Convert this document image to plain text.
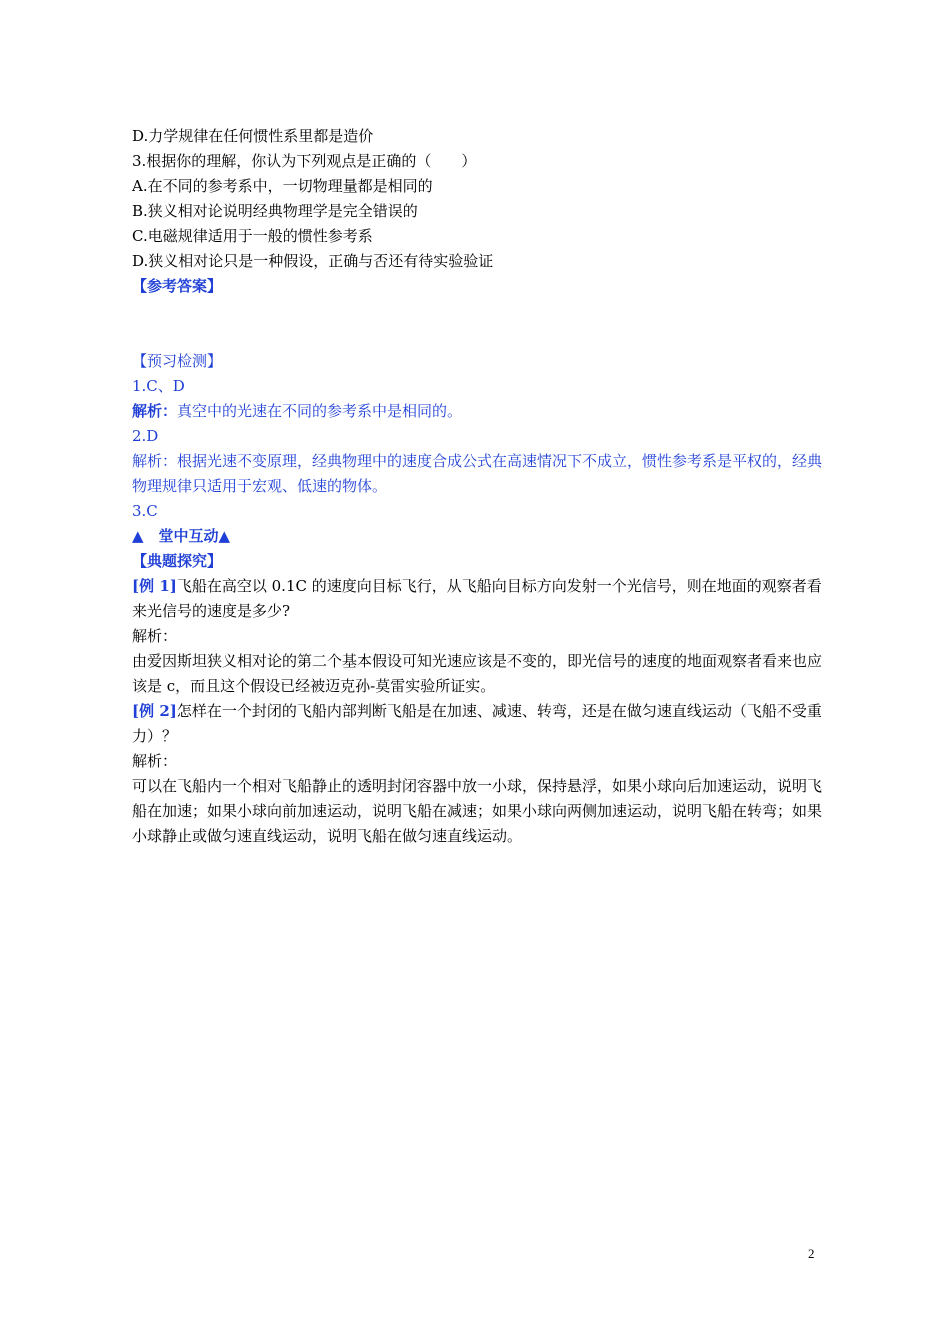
D.力学规律在任何惯性系里都是造价
3.根据你的理解，你认为下列观点是正确的（　　）
A.在不同的参考系中，一切物理量都是相同的
B.狭义相对论说明经典物理学是完全错误的
C.电磁规律适用于一般的惯性参考系
D.狭义相对论只是一种假设，正确与否还有待实验验证
【参考答案】
【预习检测】
1.C、D
解析：真空中的光速在不同的参考系中是相同的。
2.D
解析：根据光速不变原理，经典物理中的速度合成公式在高速情况下不成立，惯性参考系是平权的，经典物理规律只适用于宏观、低速的物体。
3.C
▲　堂中互动▲
【典题探究】
[例 1]飞船在高空以 0.1C 的速度向目标飞行，从飞船向目标方向发射一个光信号，则在地面的观察者看来光信号的速度是多少?
解析：
由爱因斯坦狭义相对论的第二个基本假设可知光速应该是不变的，即光信号的速度的地面观察者看来也应该是 c，而且这个假设已经被迈克孙-莫雷实验所证实。
[例 2]怎样在一个封闭的飞船内部判断飞船是在加速、减速、转弯，还是在做匀速直线运动（飞船不受重力）？
解析：
可以在飞船内一个相对飞船静止的透明封闭容器中放一小球，保持悬浮，如果小球向后加速运动，说明飞船在加速；如果小球向前加速运动，说明飞船在减速；如果小球向两侧加速运动，说明飞船在转弯；如果小球静止或做匀速直线运动，说明飞船在做匀速直线运动。
2
